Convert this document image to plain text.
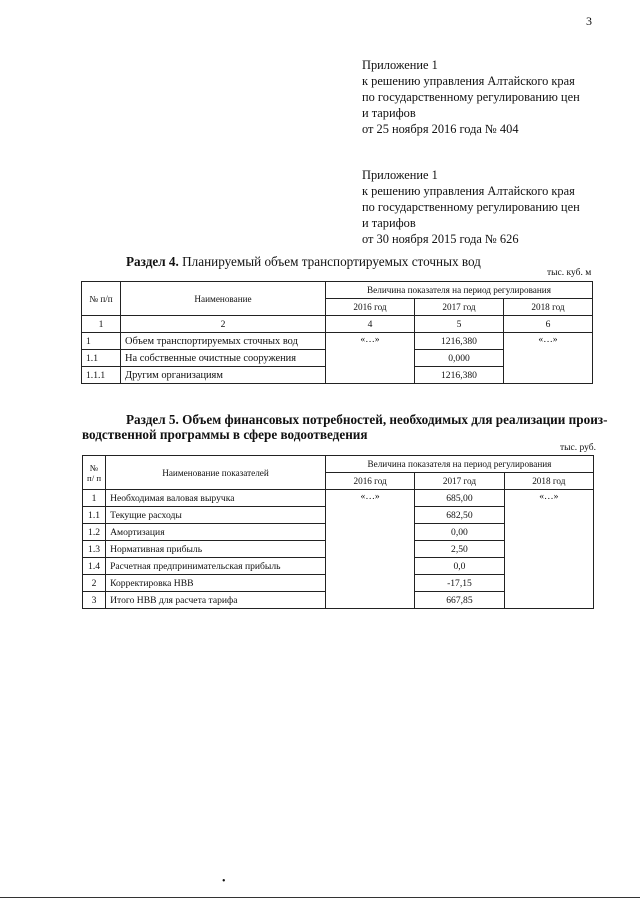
3
Приложение 1
к решению управления Алтайского края
по государственному регулированию цен
и тарифов
от 25 ноября 2016 года № 404
Приложение 1
к решению управления Алтайского края
по государственному регулированию цен
и тарифов
от 30 ноября 2015 года № 626
Раздел 4. Планируемый объем транспортируемых сточных вод
тыс. куб. м
№ п/п	Наименование	Величина показателя на период регулирования		
		2016 год	2017 год	2018 год
1	2	4	5	6
1	Объем транспортируемых сточных вод	«…»	1216,380	«…»
1.1	На собственные очистные сооружения		0,000	
1.1.1	Другим организациям		1216,380	
Раздел 5. Объем финансовых потребностей, необходимых для реализации произ-
водственной программы в сфере водоотведения
тыс. руб.
№ п/ п	Наименование показателей	Величина показателя на период регулирования		
		2016 год	2017 год	2018 год
1	Необходимая валовая выручка	«…»	685,00	«…»
1.1	Текущие расходы		682,50	
1.2	Амортизация		0,00	
1.3	Нормативная прибыль		2,50	
1.4	Расчетная предпринимательская прибыль		0,0	
2	Корректировка НВВ		-17,15	
3	Итого НВВ для расчета тарифа		667,85	
•
